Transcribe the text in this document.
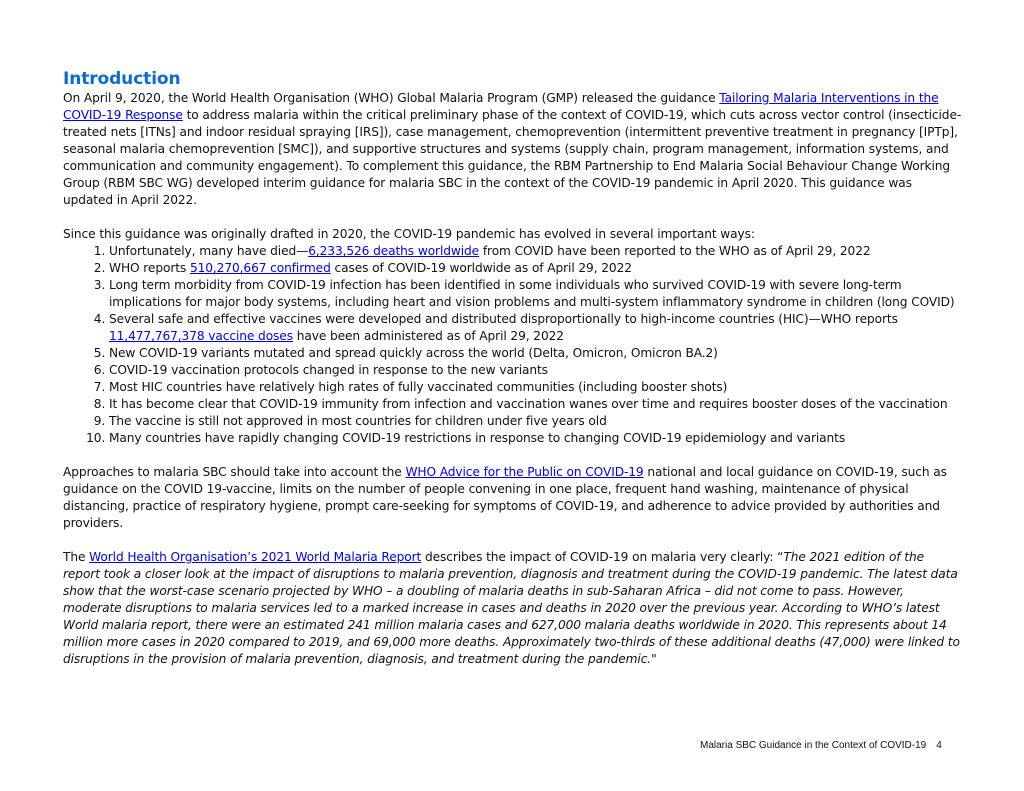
Introduction

On April 9, 2020, the World Health Organisation (WHO) Global Malaria Program (GMP) released the guidance Tailoring Malaria Interventions in the COVID-19 Response to address malaria within the critical preliminary phase of the context of COVID-19, which cuts across vector control (insecticide-treated nets [ITNs] and indoor residual spraying [IRS]), case management, chemoprevention (intermittent preventive treatment in pregnancy [IPTp], seasonal malaria chemoprevention [SMC]), and supportive structures and systems (supply chain, program management, information systems, and communication and community engagement). To complement this guidance, the RBM Partnership to End Malaria Social Behaviour Change Working Group (RBM SBC WG) developed interim guidance for malaria SBC in the context of the COVID-19 pandemic in April 2020. This guidance was updated in April 2022.

Since this guidance was originally drafted in 2020, the COVID-19 pandemic has evolved in several important ways:

1. Unfortunately, many have died—6,233,526 deaths worldwide from COVID have been reported to the WHO as of April 29, 2022
2. WHO reports 510,270,667 confirmed cases of COVID-19 worldwide as of April 29, 2022
3. Long term morbidity from COVID-19 infection has been identified in some individuals who survived COVID-19 with severe long-term implications for major body systems, including heart and vision problems and multi-system inflammatory syndrome in children (long COVID)
4. Several safe and effective vaccines were developed and distributed disproportionally to high-income countries (HIC)—WHO reports 11,477,767,378 vaccine doses have been administered as of April 29, 2022
5. New COVID-19 variants mutated and spread quickly across the world (Delta, Omicron, Omicron BA.2)
6. COVID-19 vaccination protocols changed in response to the new variants
7. Most HIC countries have relatively high rates of fully vaccinated communities (including booster shots)
8. It has become clear that COVID-19 immunity from infection and vaccination wanes over time and requires booster doses of the vaccination
9. The vaccine is still not approved in most countries for children under five years old
10. Many countries have rapidly changing COVID-19 restrictions in response to changing COVID-19 epidemiology and variants

Approaches to malaria SBC should take into account the WHO Advice for the Public on COVID-19 national and local guidance on COVID-19, such as guidance on the COVID 19-vaccine, limits on the number of people convening in one place, frequent hand washing, maintenance of physical distancing, practice of respiratory hygiene, prompt care-seeking for symptoms of COVID-19, and adherence to advice provided by authorities and providers.

The World Health Organisation’s 2021 World Malaria Report describes the impact of COVID-19 on malaria very clearly: “The 2021 edition of the report took a closer look at the impact of disruptions to malaria prevention, diagnosis and treatment during the COVID-19 pandemic. The latest data show that the worst-case scenario projected by WHO – a doubling of malaria deaths in sub-Saharan Africa – did not come to pass. However, moderate disruptions to malaria services led to a marked increase in cases and deaths in 2020 over the previous year. According to WHO’s latest World malaria report, there were an estimated 241 million malaria cases and 627,000 malaria deaths worldwide in 2020. This represents about 14 million more cases in 2020 compared to 2019, and 69,000 more deaths. Approximately two-thirds of these additional deaths (47,000) were linked to disruptions in the provision of malaria prevention, diagnosis, and treatment during the pandemic."

Malaria SBC Guidance in the Context of COVID-19 4
